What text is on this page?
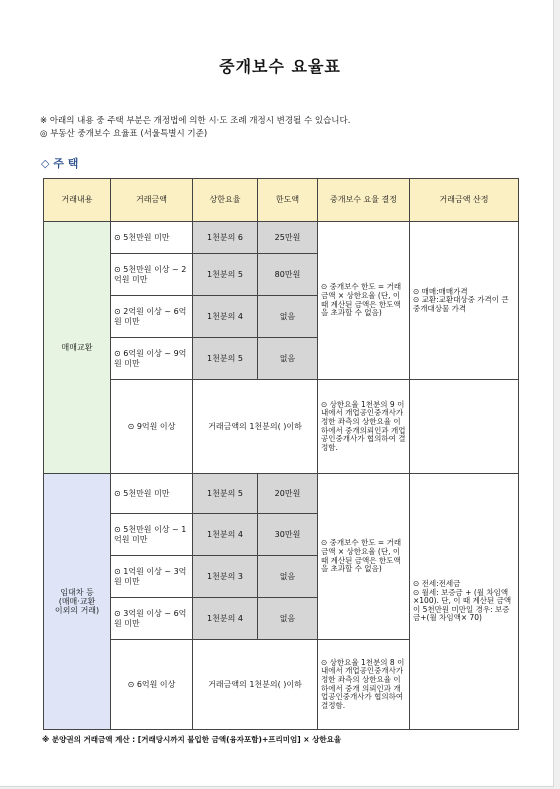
중개보수 요율표
※ 아래의 내용 중 주택 부분은 개정법에 의한 시·도 조례 개정시 변경될 수 있습니다.
◎ 부동산 중개보수 요율표 (서울특별시 기준)
◇ 주 택
거래내용	거래금액	상한요율	한도액	중개보수 요율 결정	거래금액 산정
매매교환	⊙ 5천만원 미만	1천분의 6	25만원	⊙ 중개보수 한도 = 거래 금액 × 상한요율 (단, 이 때 계산된 금액은 한도액을 초과할 수 없음)	⊙ 매매:매매가격
⊙ 교환:교환대상중 가격이 큰 중개대상물 가격
	⊙ 5천만원 이상 ~ 2억원 미만	1천분의 5	80만원		
	⊙ 2억원 이상 ~ 6억원 미만	1천분의 4	없음		
	⊙ 6억원 이상 ~ 9억원 미만	1천분의 5	없음		
	⊙ 9억원 이상	거래금액의 1천분의( )이하		⊙ 상한요율 1천분의 9 이내에서 개업공인중개사가 정한 좌측의 상한요율 이하에서 중개의뢰인과 개업공인중개사가 협의하여 결정함.	
임대차 등
(매매·교환
이외의 거래)	⊙ 5천만원 미만	1천분의 5	20만원	⊙ 중개보수 한도 = 거래 금액 × 상한요율 (단, 이 때 계산된 금액은 한도액을 초과할 수 없음)	⊙ 전세:전세금
⊙ 월세: 보증금 + (월 차임액×100). 단, 이 때 계산된 금액이 5천만원 미만일 경우: 보증금+(월 차임액× 70)
	⊙ 5천만원 이상 ~ 1억원 미만	1천분의 4	30만원		
	⊙ 1억원 이상 ~ 3억원 미만	1천분의 3	없음		
	⊙ 3억원 이상 ~ 6억원 미만	1천분의 4	없음		
	⊙ 6억원 이상	거래금액의 1천분의( )이하		⊙ 상한요율 1천분의 8 이내에서 개업공인중개사가 정한 좌측의 상한요율 이하에서 중개 의뢰인과 개업공인중개사가 협의하여 결정함.	
※ 분양권의 거래금액 계산 : [거래당시까지 불입한 금액(융자포함)+프리미엄] × 상한요율
